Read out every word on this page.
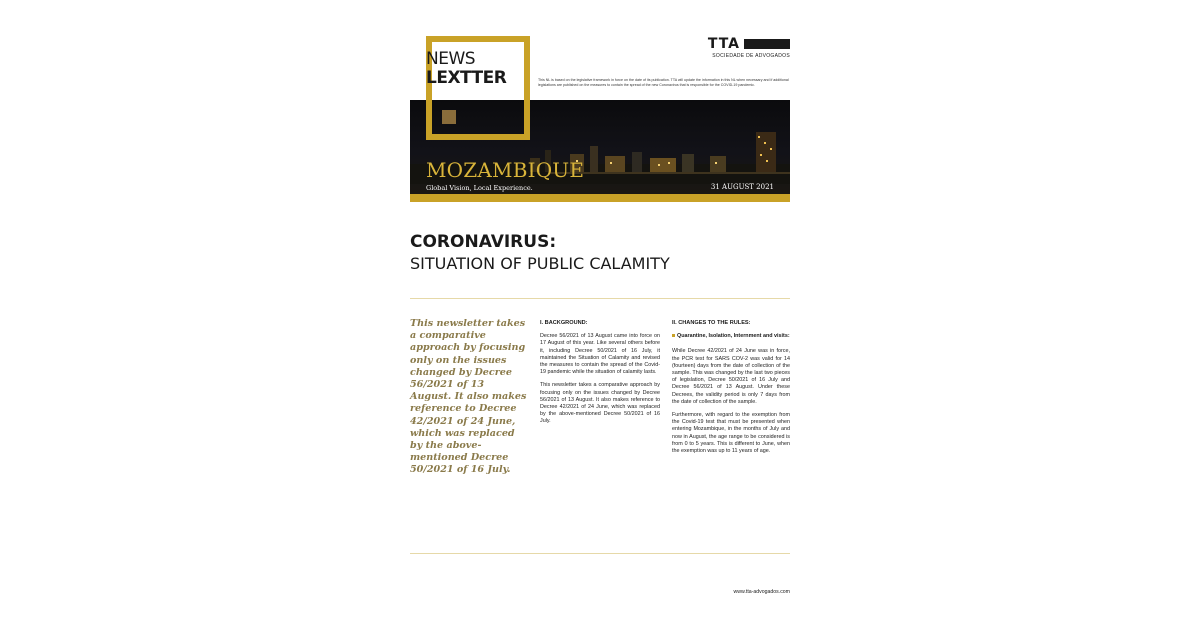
MOZAMBIQUE
Global Vision, Local Experience.	31 AUGUST 2021
NEWS
LEXTTER
TTA
SOCIEDADE DE ADVOGADOS
This NL is based on the legislative framework in force on the date of its publication. TTA will update the information in this NL when necessary and if additional legislations are published on the measures to contain the spread of the new Coronavirus that is responsible for the COVID-19 pandemic.
CORONAVIRUS:
SITUATION OF PUBLIC CALAMITY
This newsletter takes a comparative approach by focusing only on the issues changed by Decree 56/2021 of 13 August. It also makes reference to Decree 42/2021 of 24 June, which was replaced by the above-mentioned Decree 50/2021 of 16 July.
I. BACKGROUND:

Decree 56/2021 of 13 August came into force on 17 August of this year. Like several others before it, including Decree 50/2021 of 16 July, it maintained the Situation of Calamity and revised the measures to contain the spread of the Covid-19 pandemic while the situation of calamity lasts.

This newsletter takes a comparative approach by focusing only on the issues changed by Decree 56/2021 of 13 August. It also makes reference to Decree 42/2021 of 24 June, which was replaced by the above-mentioned Decree 50/2021 of 16 July.

II. CHANGES TO THE RULES:
Quarantine, Isolation, Internment and visits:

While Decree 42/2021 of 24 June was in force, the PCR test for SARS COV-2 was valid for 14 (fourteen) days from the date of collection of the sample. This was changed by the last two pieces of legislation, Decree 50/2021 of 16 July and Decree 56/2021 of 13 August. Under these Decrees, the validity period is only 7 days from the date of collection of the sample.

Furthermore, with regard to the exemption from the Covid-19 test that must be presented when entering Mozambique, in the months of July and now in August, the age range to be considered is from 0 to 5 years. This is different to June, when the exemption was up to 11 years of age.

www.tta-advogados.com
